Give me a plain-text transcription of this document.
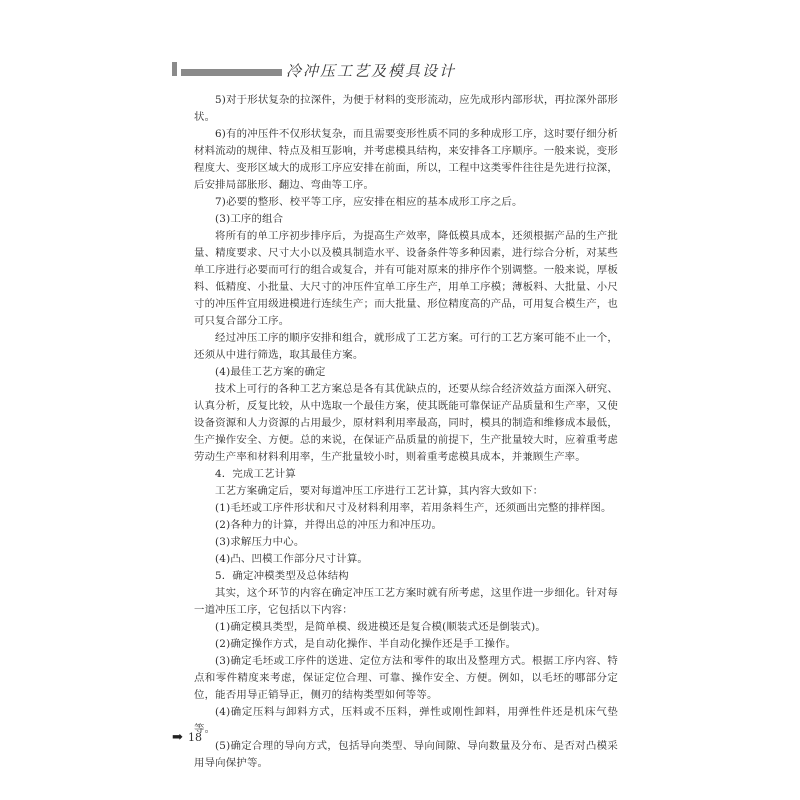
冷冲压工艺及模具设计

5)对于形状复杂的拉深件，为便于材料的变形流动，应先成形内部形状，再拉深外部形状。

6)有的冲压件不仅形状复杂，而且需要变形性质不同的多种成形工序，这时要仔细分析材料流动的规律、特点及相互影响，并考虑模具结构，来安排各工序顺序。一般来说，变形程度大、变形区域大的成形工序应安排在前面，所以，工程中这类零件往往是先进行拉深，后安排局部胀形、翻边、弯曲等工序。

7)必要的整形、校平等工序，应安排在相应的基本成形工序之后。

(3)工序的组合

将所有的单工序初步排序后，为提高生产效率，降低模具成本，还须根据产品的生产批量、精度要求、尺寸大小以及模具制造水平、设备条件等多种因素，进行综合分析，对某些单工序进行必要而可行的组合或复合，并有可能对原来的排序作个别调整。一般来说，厚板料、低精度、小批量、大尺寸的冲压件宜单工序生产，用单工序模；薄板料、大批量、小尺寸的冲压件宜用级进模进行连续生产；而大批量、形位精度高的产品，可用复合模生产，也可只复合部分工序。

经过冲压工序的顺序安排和组合，就形成了工艺方案。可行的工艺方案可能不止一个，还须从中进行筛选，取其最佳方案。

(4)最佳工艺方案的确定

技术上可行的各种工艺方案总是各有其优缺点的，还要从综合经济效益方面深入研究、认真分析，反复比较，从中选取一个最佳方案，使其既能可靠保证产品质量和生产率，又使设备资源和人力资源的占用最少，原材料利用率最高，同时，模具的制造和维修成本最低，生产操作安全、方便。总的来说，在保证产品质量的前提下，生产批量较大时，应着重考虑劳动生产率和材料利用率，生产批量较小时，则着重考虑模具成本，并兼顾生产率。

4．完成工艺计算

工艺方案确定后，要对每道冲压工序进行工艺计算，其内容大致如下：

(1)毛坯或工序件形状和尺寸及材料利用率，若用条料生产，还须画出完整的排样图。

(2)各种力的计算，并得出总的冲压力和冲压功。

(3)求解压力中心。

(4)凸、凹模工作部分尺寸计算。

5．确定冲模类型及总体结构

其实，这个环节的内容在确定冲压工艺方案时就有所考虑，这里作进一步细化。针对每一道冲压工序，它包括以下内容：

(1)确定模具类型，是简单模、级进模还是复合模(顺装式还是倒装式)。

(2)确定操作方式，是自动化操作、半自动化操作还是手工操作。

(3)确定毛坯或工序件的送进、定位方法和零件的取出及整理方式。根据工序内容、特点和零件精度来考虑，保证定位合理、可靠、操作安全、方便。例如，以毛坯的哪部分定位，能否用导正销导正，侧刃的结构类型如何等等。

(4)确定压料与卸料方式，压料或不压料，弹性或刚性卸料，用弹性件还是机床气垫等。

(5)确定合理的导向方式，包括导向类型、导向间隙、导向数量及分布、是否对凸模采用导向保护等。

➡ 18
